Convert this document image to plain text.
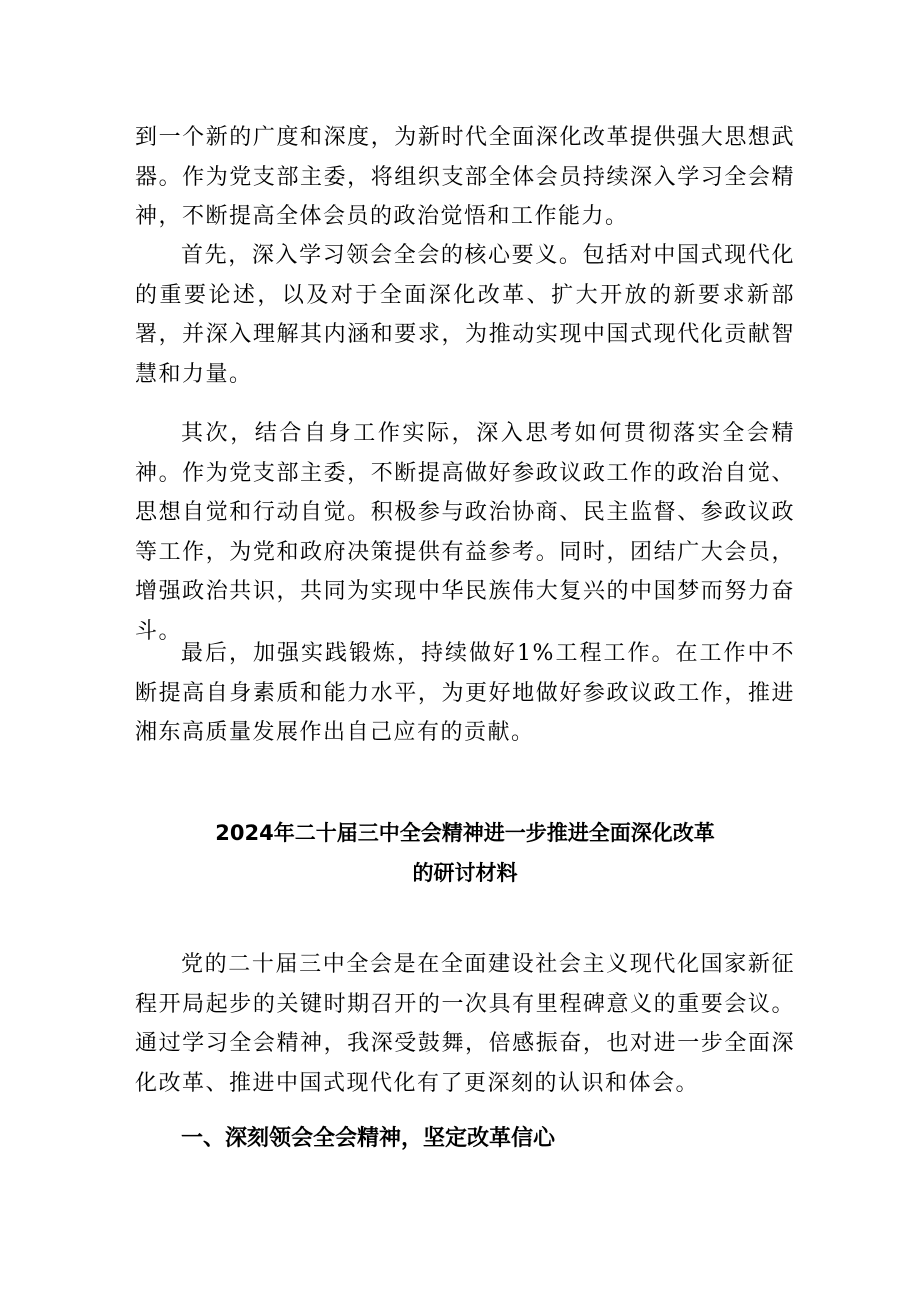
到一个新的广度和深度，为新时代全面深化改革提供强大思想武器。作为党支部主委，将组织支部全体会员持续深入学习全会精神，不断提高全体会员的政治觉悟和工作能力。

首先，深入学习领会全会的核心要义。包括对中国式现代化的重要论述，以及对于全面深化改革、扩大开放的新要求新部署，并深入理解其内涵和要求，为推动实现中国式现代化贡献智慧和力量。

其次，结合自身工作实际，深入思考如何贯彻落实全会精神。作为党支部主委，不断提高做好参政议政工作的政治自觉、思想自觉和行动自觉。积极参与政治协商、民主监督、参政议政等工作，为党和政府决策提供有益参考。同时，团结广大会员，增强政治共识，共同为实现中华民族伟大复兴的中国梦而努力奋斗。

最后，加强实践锻炼，持续做好1%工程工作。在工作中不断提高自身素质和能力水平，为更好地做好参政议政工作，推进湘东高质量发展作出自己应有的贡献。

2024年二十届三中全会精神进一步推进全面深化改革
的研讨材料

党的二十届三中全会是在全面建设社会主义现代化国家新征程开局起步的关键时期召开的一次具有里程碑意义的重要会议。通过学习全会精神，我深受鼓舞，倍感振奋，也对进一步全面深化改革、推进中国式现代化有了更深刻的认识和体会。

一、深刻领会全会精神，坚定改革信心
